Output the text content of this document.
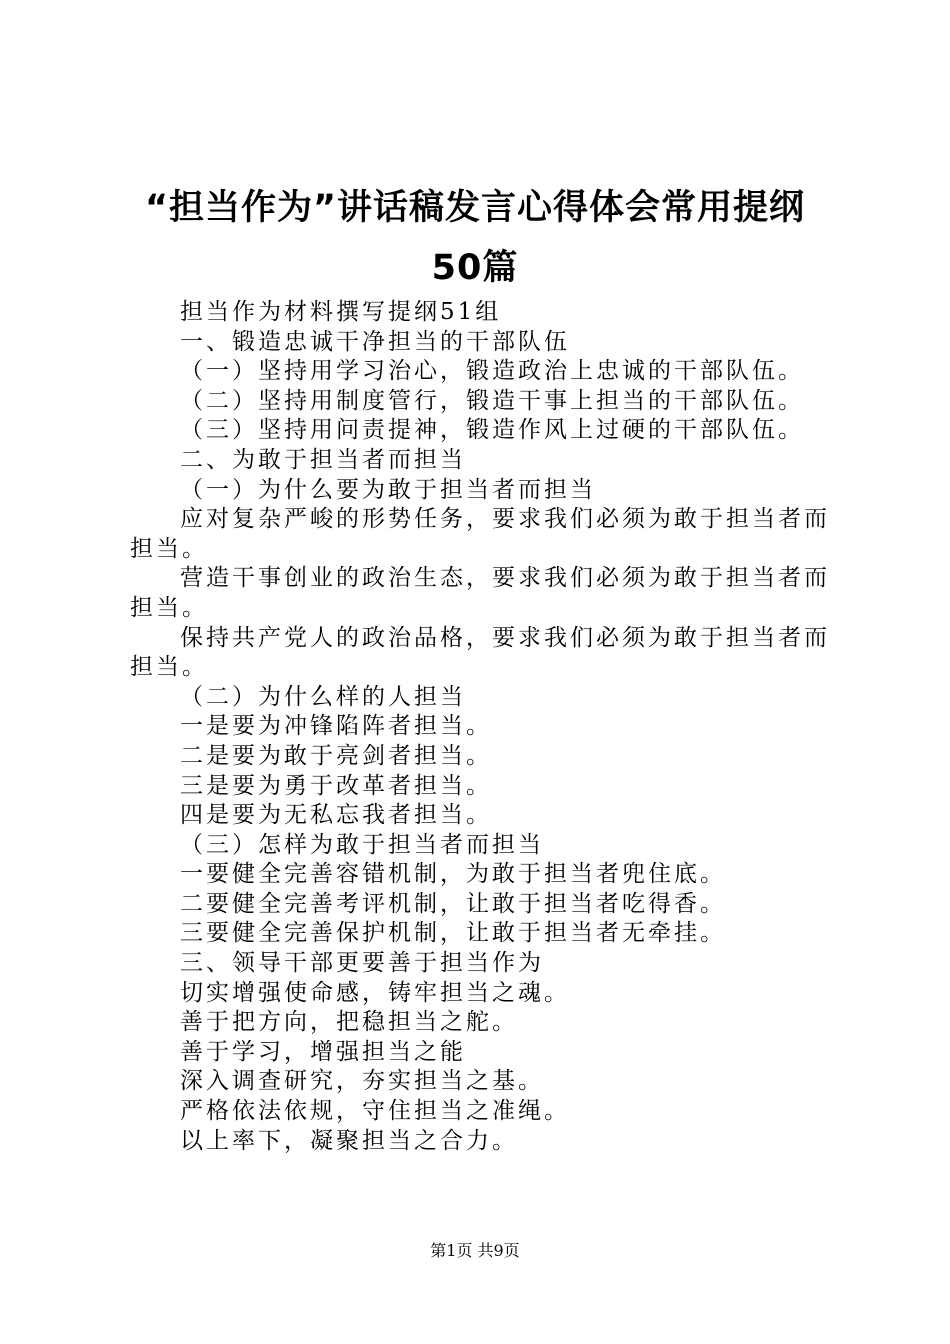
“担当作为”讲话稿发言心得体会常用提纲
50篇

担当作为材料撰写提纲51组

一、锻造忠诚干净担当的干部队伍

（一）坚持用学习治心，锻造政治上忠诚的干部队伍。

（二）坚持用制度管行，锻造干事上担当的干部队伍。

（三）坚持用问责提神，锻造作风上过硬的干部队伍。

二、为敢于担当者而担当

（一）为什么要为敢于担当者而担当

应对复杂严峻的形势任务，要求我们必须为敢于担当者而担当。

营造干事创业的政治生态，要求我们必须为敢于担当者而担当。

保持共产党人的政治品格，要求我们必须为敢于担当者而担当。

（二）为什么样的人担当

一是要为冲锋陷阵者担当。

二是要为敢于亮剑者担当。

三是要为勇于改革者担当。

四是要为无私忘我者担当。

（三）怎样为敢于担当者而担当

一要健全完善容错机制，为敢于担当者兜住底。

二要健全完善考评机制，让敢于担当者吃得香。

三要健全完善保护机制，让敢于担当者无牵挂。

三、领导干部更要善于担当作为

切实增强使命感，铸牢担当之魂。

善于把方向，把稳担当之舵。

善于学习，增强担当之能

深入调查研究，夯实担当之基。

严格依法依规，守住担当之准绳。

以上率下，凝聚担当之合力。

第1页 共9页
